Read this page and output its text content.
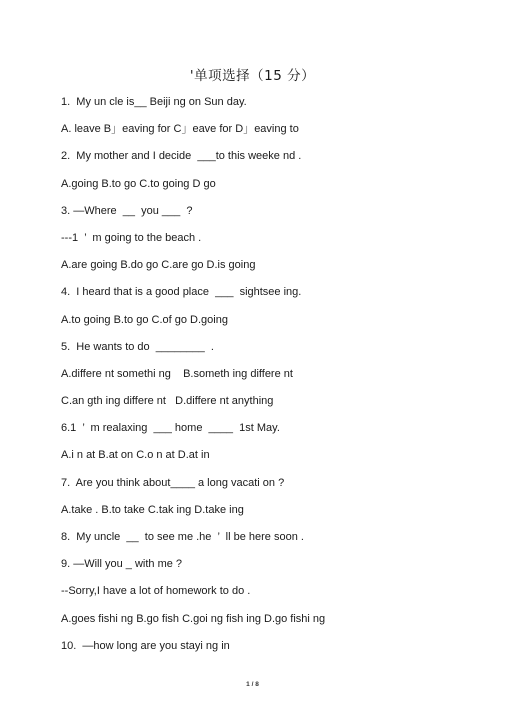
'单项选择（15 分）
1.  My un cle is__ Beiji ng on Sun day.
A. leave B」eaving for C」eave for D」eaving to
2.  My mother and I decide  ___to this weeke nd .
A.going B.to go C.to going D go
3. —Where  __  you ___  ?
---1  ’  m going to the beach .
A.are going B.do go C.are go D.is going
4.  I heard that is a good place  ___  sightsee ing.
A.to going B.to go C.of go D.going
5.  He wants to do  ________  .
A.differe nt somethi ng    B.someth ing differe nt
C.an gth ing differe nt   D.differe nt anything
6.1  ’  m realaxing  ___ home  ____  1st May.
A.i n at B.at on C.o n at D.at in
7.  Are you think about____ a long vacati on ?
A.take . B.to take C.tak ing D.take ing
8.  My uncle  __  to see me .he  ’  ll be here soon .
9. —Will you _ with me ?
--Sorry,I have a lot of homework to do .
A.goes fishi ng B.go fish C.goi ng fish ing D.go fishi ng
10.  —how long are you stayi ng in
1 / 8
